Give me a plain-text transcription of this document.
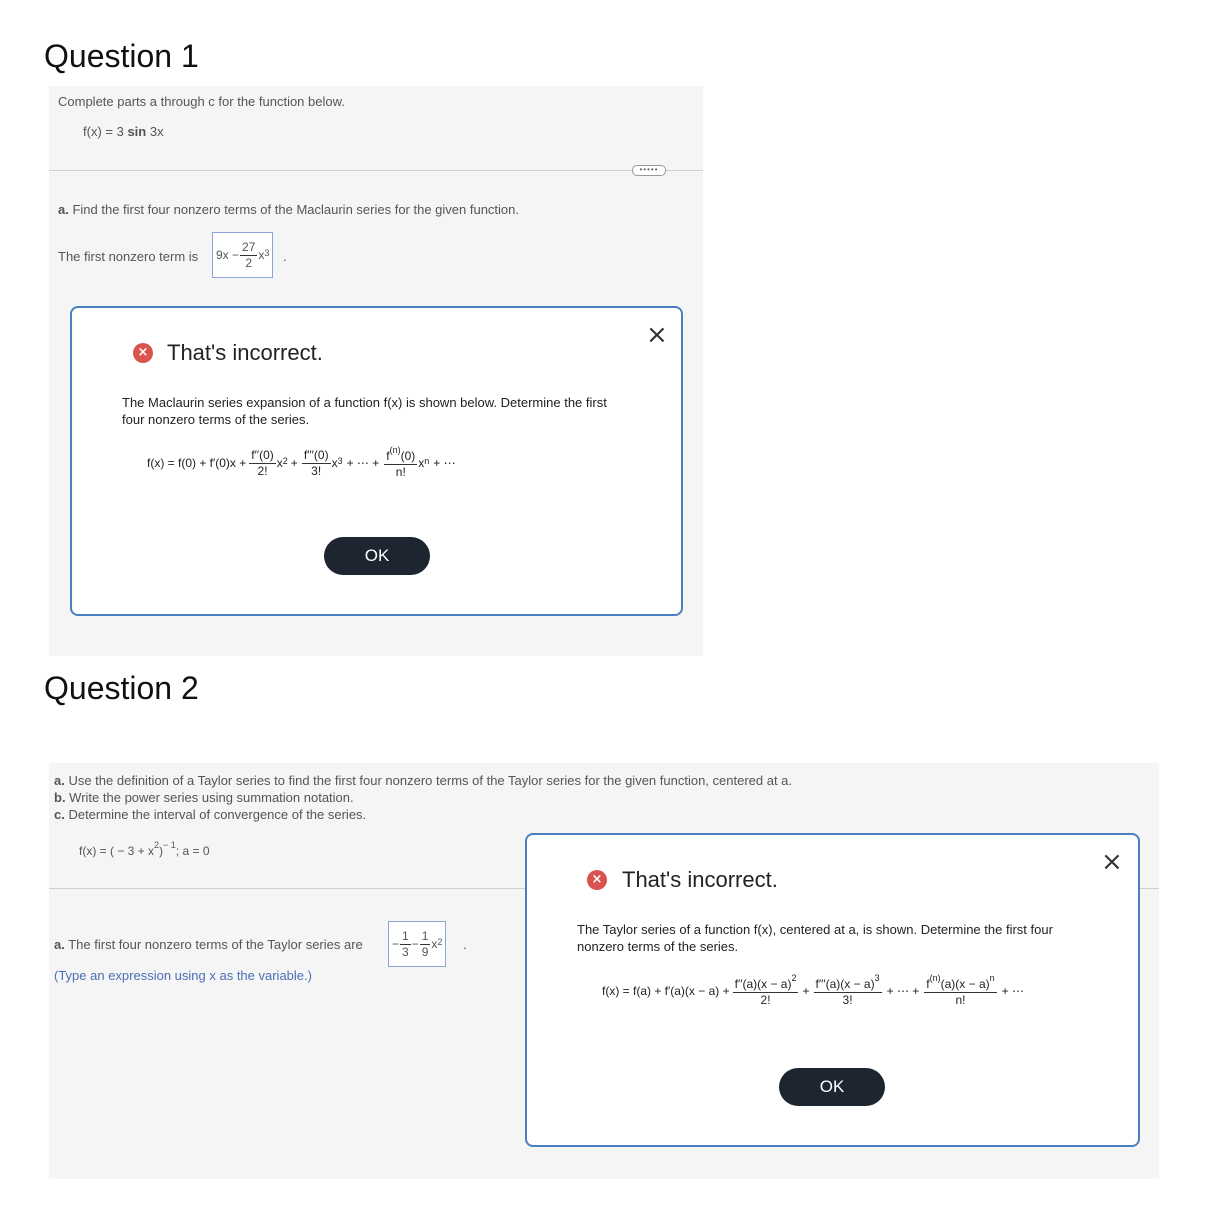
Question 1
Complete parts a through c for the function below.
f(x) = 3 sin 3x
•••••
a. Find the first four nonzero terms of the Maclaurin series for the given function.
The first nonzero term is $9x - \frac{27}{2}$ x 3 .
×
× That's incorrect.
The Maclaurin series expansion of a function f(x) is shown below. Determine the first four nonzero terms of the series.
$f(x) = f(0) + f'(0)x + \frac{f''(0)}{2!}$ x $2 + \frac{f'''(0)}{3!}$ x 3 + ⋯ + $\frac{f^{(n)}(0)}{n!}$ x n + ⋯
OK
Question 2
a. Use the definition of a Taylor series to find the first four nonzero terms of the Taylor series for the given function, centered at a.
b. Write the power series using summation notation.
c. Determine the interval of convergence of the series.
f(x) = ( − $3 + x^2)^{- 1}$; a = 0
a. The first four nonzero terms of the Taylor series are − $\frac{1}{3} - \frac{1}{9}$ x 2 .
(Type an expression using x as the variable.)
×
× That's incorrect.
The Taylor series of a function f(x), centered at a, is shown. Determine the first four nonzero terms of the series.
$f(x) = f(a) + f'(a)(x - a) + \frac{f''(a)(x - a)^2}{2!} + \frac{f'''(a)(x - a)^3}{3!}$ + ⋯ + $\frac{f^{(n)}(a)(x - a)^n}{n!}$ + ⋯
OK
